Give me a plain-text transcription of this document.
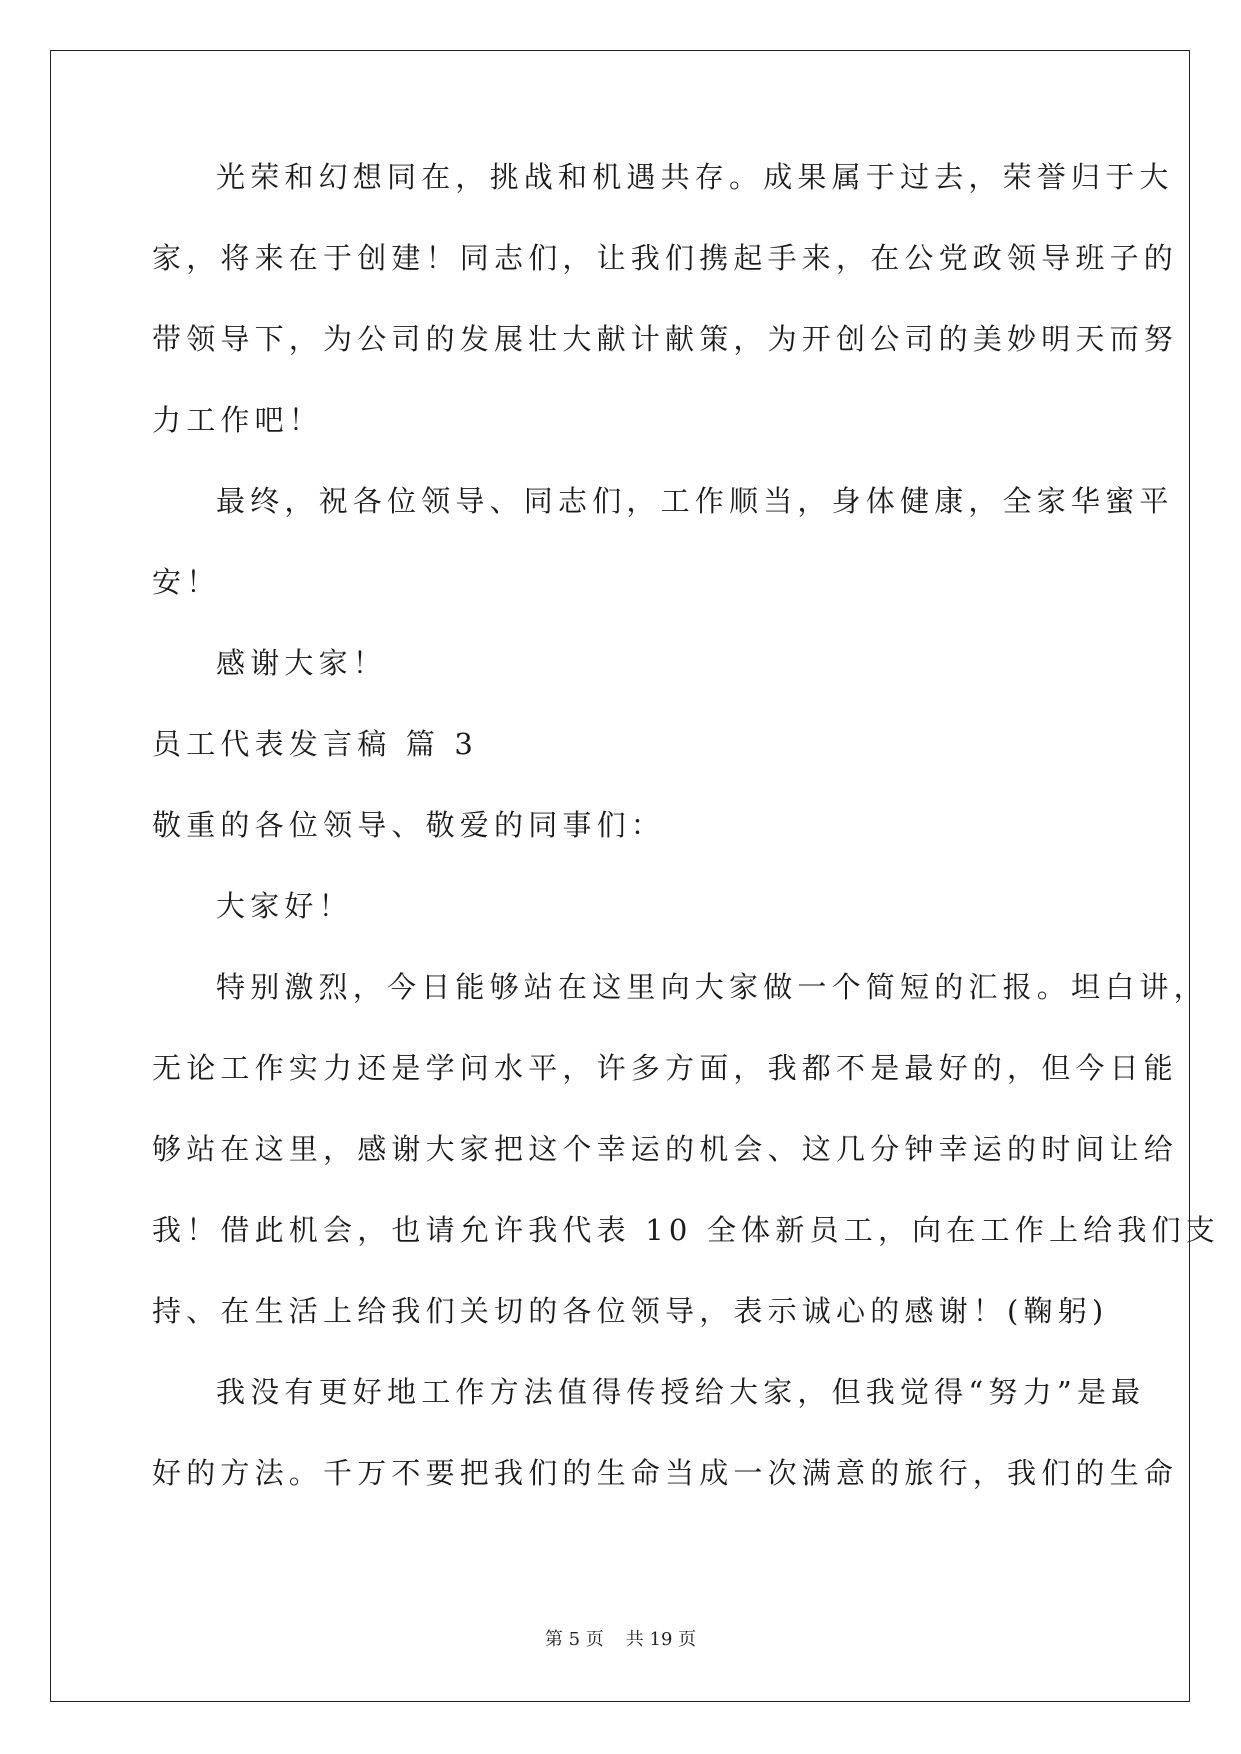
光荣和幻想同在，挑战和机遇共存。成果属于过去，荣誉归于大
家，将来在于创建！同志们，让我们携起手来，在公党政领导班子的
带领导下，为公司的发展壮大献计献策，为开创公司的美妙明天而努
力工作吧！
最终，祝各位领导、同志们，工作顺当，身体健康，全家华蜜平
安！
感谢大家！
员工代表发言稿 篇 3
敬重的各位领导、敬爱的同事们：
大家好！
特别激烈，今日能够站在这里向大家做一个简短的汇报。坦白讲，
无论工作实力还是学问水平，许多方面，我都不是最好的，但今日能
够站在这里，感谢大家把这个幸运的机会、这几分钟幸运的时间让给
我！借此机会，也请允许我代表 10 全体新员工，向在工作上给我们支
持、在生活上给我们关切的各位领导，表示诚心的感谢！(鞠躬)
我没有更好地工作方法值得传授给大家，但我觉得“努力”是最
好的方法。千万不要把我们的生命当成一次满意的旅行，我们的生命
第 5 页 共 19 页
